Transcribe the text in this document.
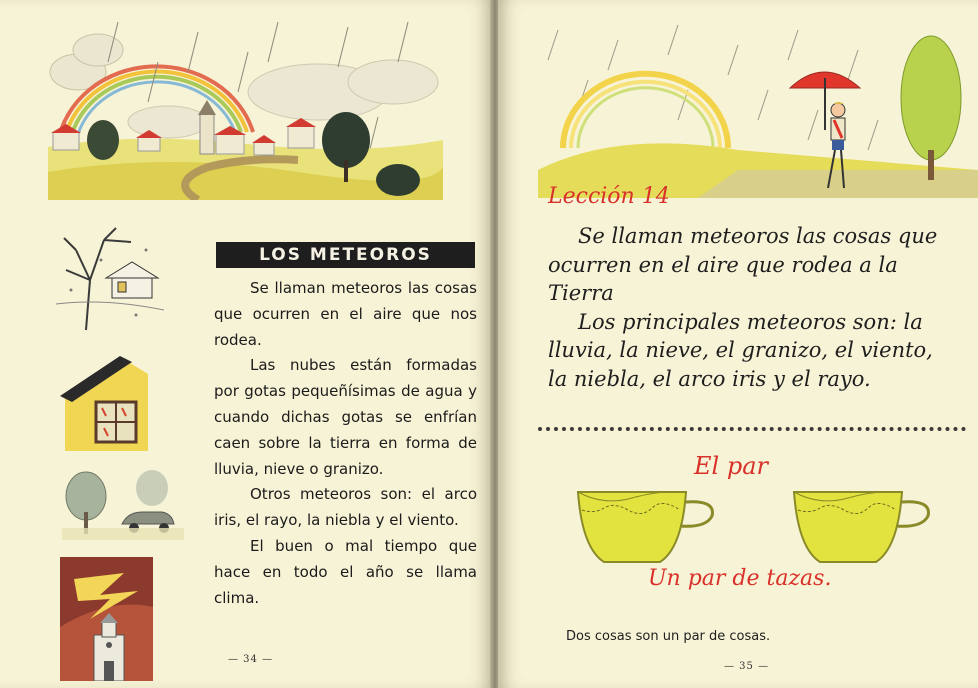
LOS METEOROS

Se llaman meteoros las cosas que ocurren en el aire que nos rodea.

Las nubes están formadas por gotas pequeñísimas de agua y cuando dichas gotas se enfrían caen sobre la tierra en forma de lluvia, nieve o granizo.

Otros meteoros son: el arco iris, el rayo, la niebla y el viento.

El buen o mal tiempo que hace en todo el año se llama clima.

— 34 —
Lección 14

Se llaman meteoros las cosas que ocurren en el aire que rodea a la Tierra

Los principales meteoros son: la lluvia, la nieve, el granizo, el viento, la niebla, el arco iris y el rayo.

El par
Un par de tazas.
Dos cosas son un par de cosas.
— 35 —
